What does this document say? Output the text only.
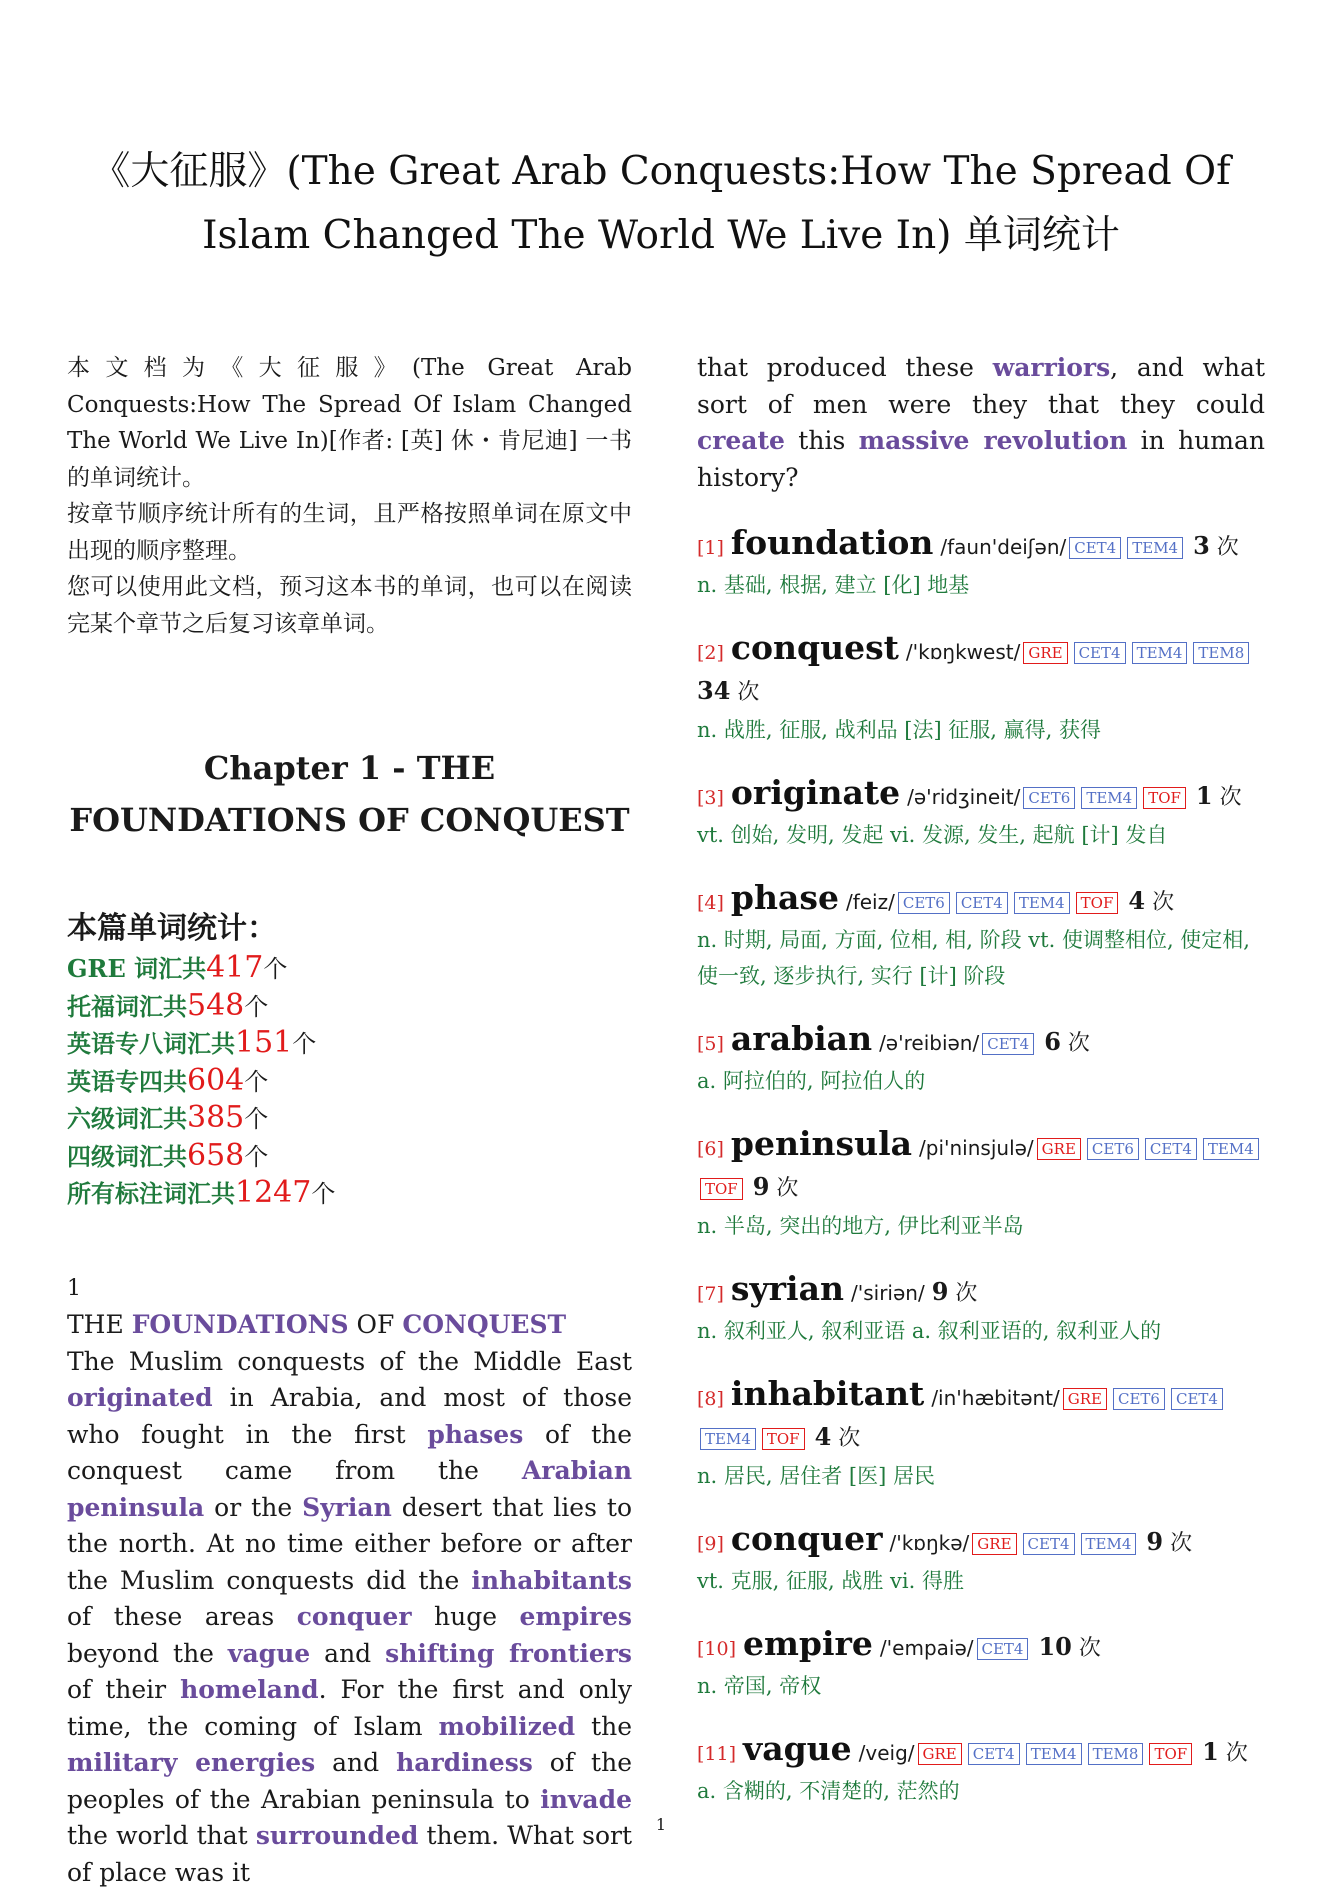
《大征服》(The Great Arab Conquests:How The Spread Of Islam Changed The World We Live In) 单词统计

本文档为《大征服》(The Great Arab Conquests:How The Spread Of Islam Changed The World We Live In)[作者: [英] 休・肯尼迪] 一书的单词统计。

按章节顺序统计所有的生词，且严格按照单词在原文中出现的顺序整理。

您可以使用此文档，预习这本书的单词，也可以在阅读完某个章节之后复习该章单词。

Chapter 1 - THE FOUNDATIONS OF CONQUEST
本篇单词统计：
GRE 词汇共417个
托福词汇共548个
英语专八词汇共151个
英语专四共604个
六级词汇共385个
四级词汇共658个
所有标注词汇共1247个
1
THE FOUNDATIONS OF CONQUEST
The Muslim conquests of the Middle East originated in Arabia, and most of those who fought in the first phases of the conquest came from the Arabian peninsula or the Syrian desert that lies to the north. At no time either before or after the Muslim conquests did the inhabitants of these areas conquer huge empires beyond the vague and shifting frontiers of their homeland. For the first and only time, the coming of Islam mobilized the military energies and hardiness of the peoples of the Arabian peninsula to invade the world that surrounded them. What sort of place was it
that produced these warriors, and what sort of men were they that they could create this massive revolution in human history?
[1] foundation /faun'deiʃən/ CET4 TEM4 3 次
n. 基础, 根据, 建立 [化] 地基
[2] conquest /'kɒŋkwest/ GRE CET4 TEM4 TEM8 34 次
n. 战胜, 征服, 战利品 [法] 征服, 赢得, 获得
[3] originate /ə'ridʒineit/ CET6 TEM4 TOF 1 次
vt. 创始, 发明, 发起 vi. 发源, 发生, 起航 [计] 发自
[4] phase /feiz/ CET6 CET4 TEM4 TOF 4 次
n. 时期, 局面, 方面, 位相, 相, 阶段 vt. 使调整相位, 使定相, 使一致, 逐步执行, 实行 [计] 阶段
[5] arabian /ə'reibiən/ CET4 6 次
a. 阿拉伯的, 阿拉伯人的
[6] peninsula /pi'ninsjulə/ GRE CET6 CET4 TEM4TOF 9 次
n. 半岛, 突出的地方, 伊比利亚半岛
[7] syrian /'siriən/ 9 次
n. 叙利亚人, 叙利亚语 a. 叙利亚语的, 叙利亚人的
[8] inhabitant /in'hæbitənt/ GRE CET6 CET4TEM4 TOF 4 次
n. 居民, 居住者 [医] 居民
[9] conquer /'kɒŋkə/ GRE CET4 TEM4 9 次
vt. 克服, 征服, 战胜 vi. 得胜
[10] empire /'empaiə/ CET4 10 次
n. 帝国, 帝权
[11] vague /veig/ GRE CET4 TEM4 TEM8 TOF 1 次
a. 含糊的, 不清楚的, 茫然的
1
